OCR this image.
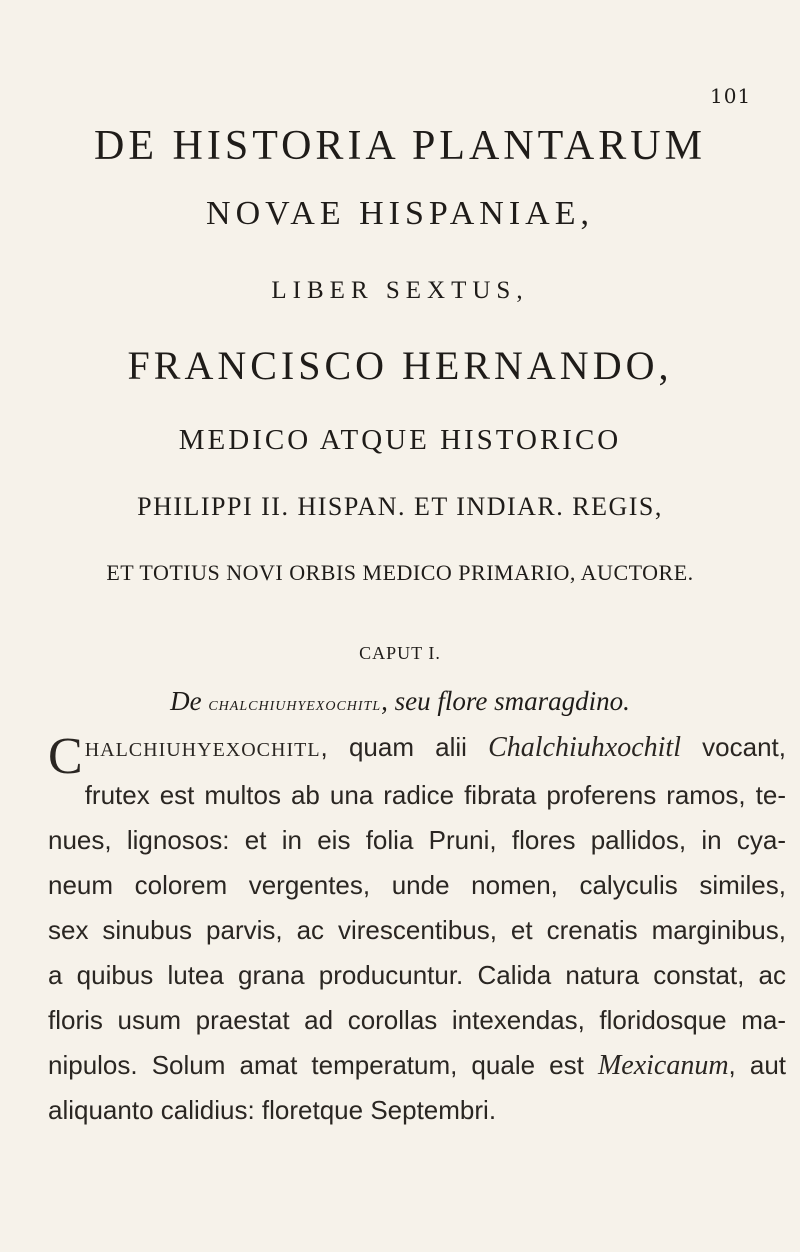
101
DE HISTORIA PLANTARUM
NOVAE HISPANIAE,
LIBER SEXTUS,
FRANCISCO HERNANDO,
MEDICO ATQUE HISTORICO
PHILIPPI II. HISPAN. ET INDIAR. REGIS,
ET TOTIUS NOVI ORBIS MEDICO PRIMARIO, AUCTORE.
CAPUT I.
De chalchiuhyexochitl, seu flore smaragdino.
CHALCHIUHYEXOCHITL, quam alii Chalchiuhxochitl vocant,
frutex est multos ab una radice fibrata proferens ramos, te-
nues, lignosos: et in eis folia Pruni, flores pallidos, in cya-
neum colorem vergentes, unde nomen, calyculis similes,
sex sinubus parvis, ac virescentibus, et crenatis marginibus,
a quibus lutea grana producuntur. Calida natura constat, ac
floris usum praestat ad corollas intexendas, floridosque ma-
nipulos. Solum amat temperatum, quale est Mexicanum, aut
aliquanto calidius: floretque Septembri.
